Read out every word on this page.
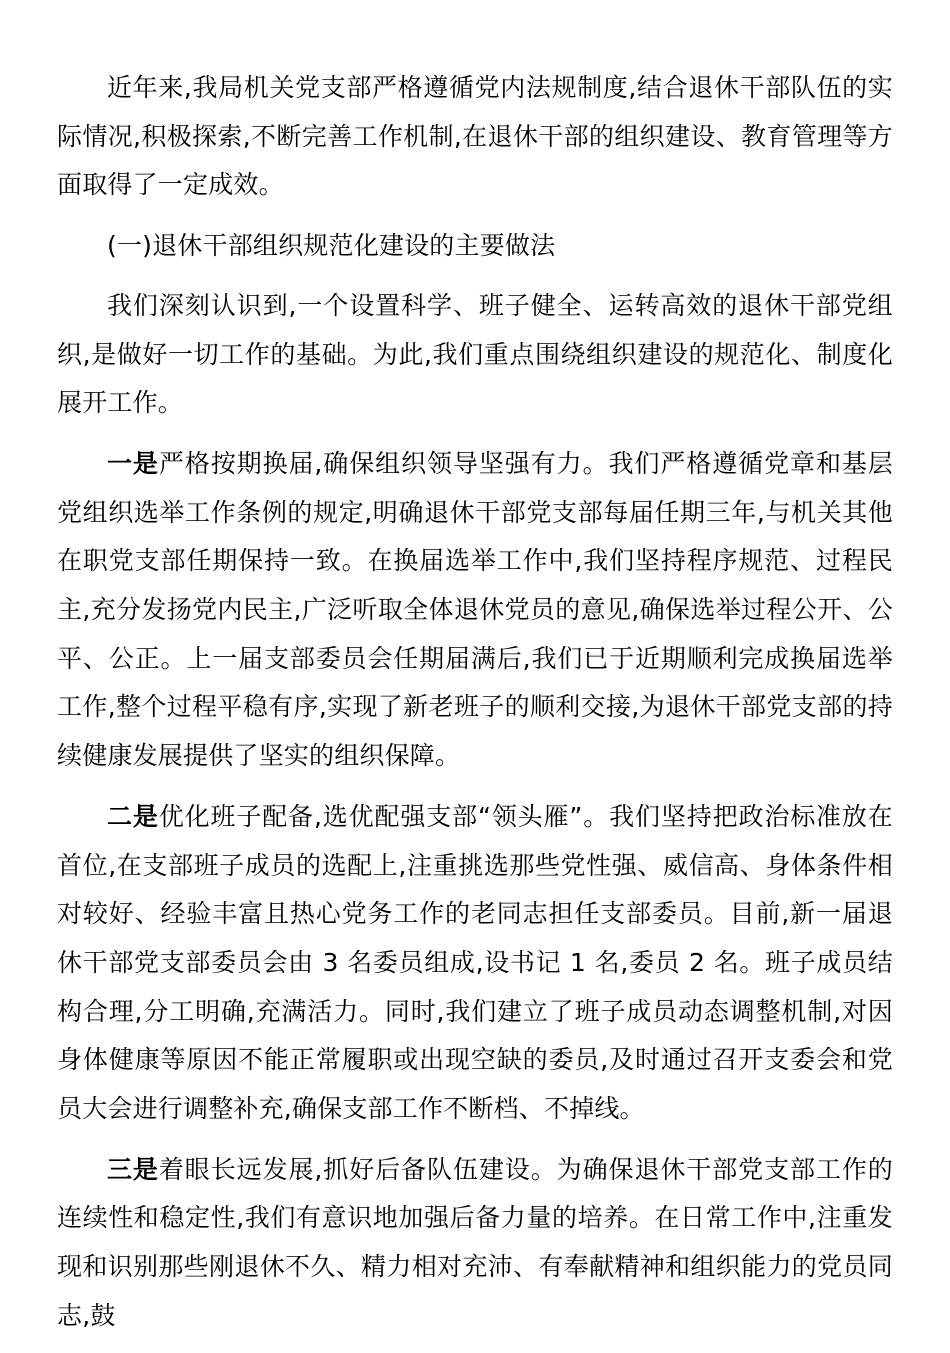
近年来,我局机关党支部严格遵循党内法规制度,结合退休干部队伍的实际情况,积极探索,不断完善工作机制,在退休干部的组织建设、教育管理等方面取得了一定成效。

(一)退休干部组织规范化建设的主要做法

我们深刻认识到,一个设置科学、班子健全、运转高效的退休干部党组织,是做好一切工作的基础。为此,我们重点围绕组织建设的规范化、制度化展开工作。

一是严格按期换届,确保组织领导坚强有力。我们严格遵循党章和基层党组织选举工作条例的规定,明确退休干部党支部每届任期三年,与机关其他在职党支部任期保持一致。在换届选举工作中,我们坚持程序规范、过程民主,充分发扬党内民主,广泛听取全体退休党员的意见,确保选举过程公开、公平、公正。上一届支部委员会任期届满后,我们已于近期顺利完成换届选举工作,整个过程平稳有序,实现了新老班子的顺利交接,为退休干部党支部的持续健康发展提供了坚实的组织保障。

二是优化班子配备,选优配强支部“领头雁”。我们坚持把政治标准放在首位,在支部班子成员的选配上,注重挑选那些党性强、威信高、身体条件相对较好、经验丰富且热心党务工作的老同志担任支部委员。目前,新一届退休干部党支部委员会由 3 名委员组成,设书记 1 名,委员 2 名。班子成员结构合理,分工明确,充满活力。同时,我们建立了班子成员动态调整机制,对因身体健康等原因不能正常履职或出现空缺的委员,及时通过召开支委会和党员大会进行调整补充,确保支部工作不断档、不掉线。

三是着眼长远发展,抓好后备队伍建设。为确保退休干部党支部工作的连续性和稳定性,我们有意识地加强后备力量的培养。在日常工作中,注重发现和识别那些刚退休不久、精力相对充沛、有奉献精神和组织能力的党员同志,鼓
